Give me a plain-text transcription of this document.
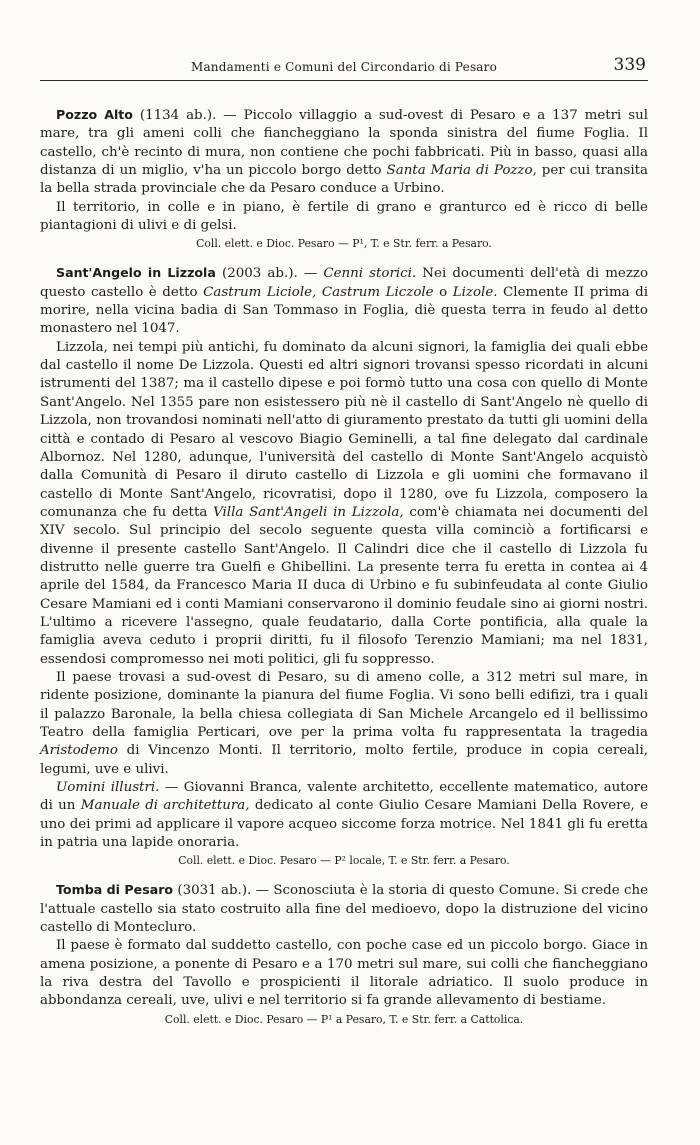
Mandamenti e Comuni del Circondario di Pesaro	339

Pozzo Alto (1134 ab.). — Piccolo villaggio a sud-ovest di Pesaro e a 137 metri sul mare, tra gli ameni colli che fiancheggiano la sponda sinistra del fiume Foglia. Il castello, ch'è recinto di mura, non contiene che pochi fabbricati. Più in basso, quasi alla distanza di un miglio, v'ha un piccolo borgo detto Santa Maria di Pozzo, per cui transita la bella strada provinciale che da Pesaro conduce a Urbino.

Il territorio, in colle e in piano, è fertile di grano e granturco ed è ricco di belle piantagioni di ulivi e di gelsi.

Coll. elett. e Dioc. Pesaro — P¹, T. e Str. ferr. a Pesaro.

Sant'Angelo in Lizzola (2003 ab.). — Cenni storici. Nei documenti dell'età di mezzo questo castello è detto Castrum Liciole, Castrum Liczole o Lizole. Clemente II prima di morire, nella vicina badia di San Tommaso in Foglia, diè questa terra in feudo al detto monastero nel 1047.

Lizzola, nei tempi più antichi, fu dominato da alcuni signori, la famiglia dei quali ebbe dal castello il nome De Lizzola. Questi ed altri signori trovansi spesso ricordati in alcuni istrumenti del 1387; ma il castello dipese e poi formò tutto una cosa con quello di Monte Sant'Angelo. Nel 1355 pare non esistessero più nè il castello di Sant'Angelo nè quello di Lizzola, non trovandosi nominati nell'atto di giuramento prestato da tutti gli uomini della città e contado di Pesaro al vescovo Biagio Geminelli, a tal fine delegato dal cardinale Albornoz. Nel 1280, adunque, l'università del castello di Monte Sant'Angelo acquistò dalla Comunità di Pesaro il diruto castello di Lizzola e gli uomini che formavano il castello di Monte Sant'Angelo, ricovratisi, dopo il 1280, ove fu Lizzola, composero la comunanza che fu detta Villa Sant'Angeli in Lizzola, com'è chiamata nei documenti del XIV secolo. Sul principio del secolo seguente questa villa cominciò a fortificarsi e divenne il presente castello Sant'Angelo. Il Calindri dice che il castello di Lizzola fu distrutto nelle guerre tra Guelfi e Ghibellini. La presente terra fu eretta in contea ai 4 aprile del 1584, da Francesco Maria II duca di Urbino e fu subinfeudata al conte Giulio Cesare Mamiani ed i conti Mamiani conservarono il dominio feudale sino ai giorni nostri. L'ultimo a ricevere l'assegno, quale feudatario, dalla Corte pontificia, alla quale la famiglia aveva ceduto i proprii diritti, fu il filosofo Terenzio Mamiani; ma nel 1831, essendosi compromesso nei moti politici, gli fu soppresso.

Il paese trovasi a sud-ovest di Pesaro, su di ameno colle, a 312 metri sul mare, in ridente posizione, dominante la pianura del fiume Foglia. Vi sono belli edifizi, tra i quali il palazzo Baronale, la bella chiesa collegiata di San Michele Arcangelo ed il bellissimo Teatro della famiglia Perticari, ove per la prima volta fu rappresentata la tragedia Aristodemo di Vincenzo Monti. Il territorio, molto fertile, produce in copia cereali, legumi, uve e ulivi.

Uomini illustri. — Giovanni Branca, valente architetto, eccellente matematico, autore di un Manuale di architettura, dedicato al conte Giulio Cesare Mamiani Della Rovere, e uno dei primi ad applicare il vapore acqueo siccome forza motrice. Nel 1841 gli fu eretta in patria una lapide onoraria.

Coll. elett. e Dioc. Pesaro — P² locale, T. e Str. ferr. a Pesaro.

Tomba di Pesaro (3031 ab.). — Sconosciuta è la storia di questo Comune. Si crede che l'attuale castello sia stato costruito alla fine del medioevo, dopo la distruzione del vicino castello di Montecluro.

Il paese è formato dal suddetto castello, con poche case ed un piccolo borgo. Giace in amena posizione, a ponente di Pesaro e a 170 metri sul mare, sui colli che fiancheggiano la riva destra del Tavollo e prospicienti il litorale adriatico. Il suolo produce in abbondanza cereali, uve, ulivi e nel territorio si fa grande allevamento di bestiame.

Coll. elett. e Dioc. Pesaro — P¹ a Pesaro, T. e Str. ferr. a Cattolica.
